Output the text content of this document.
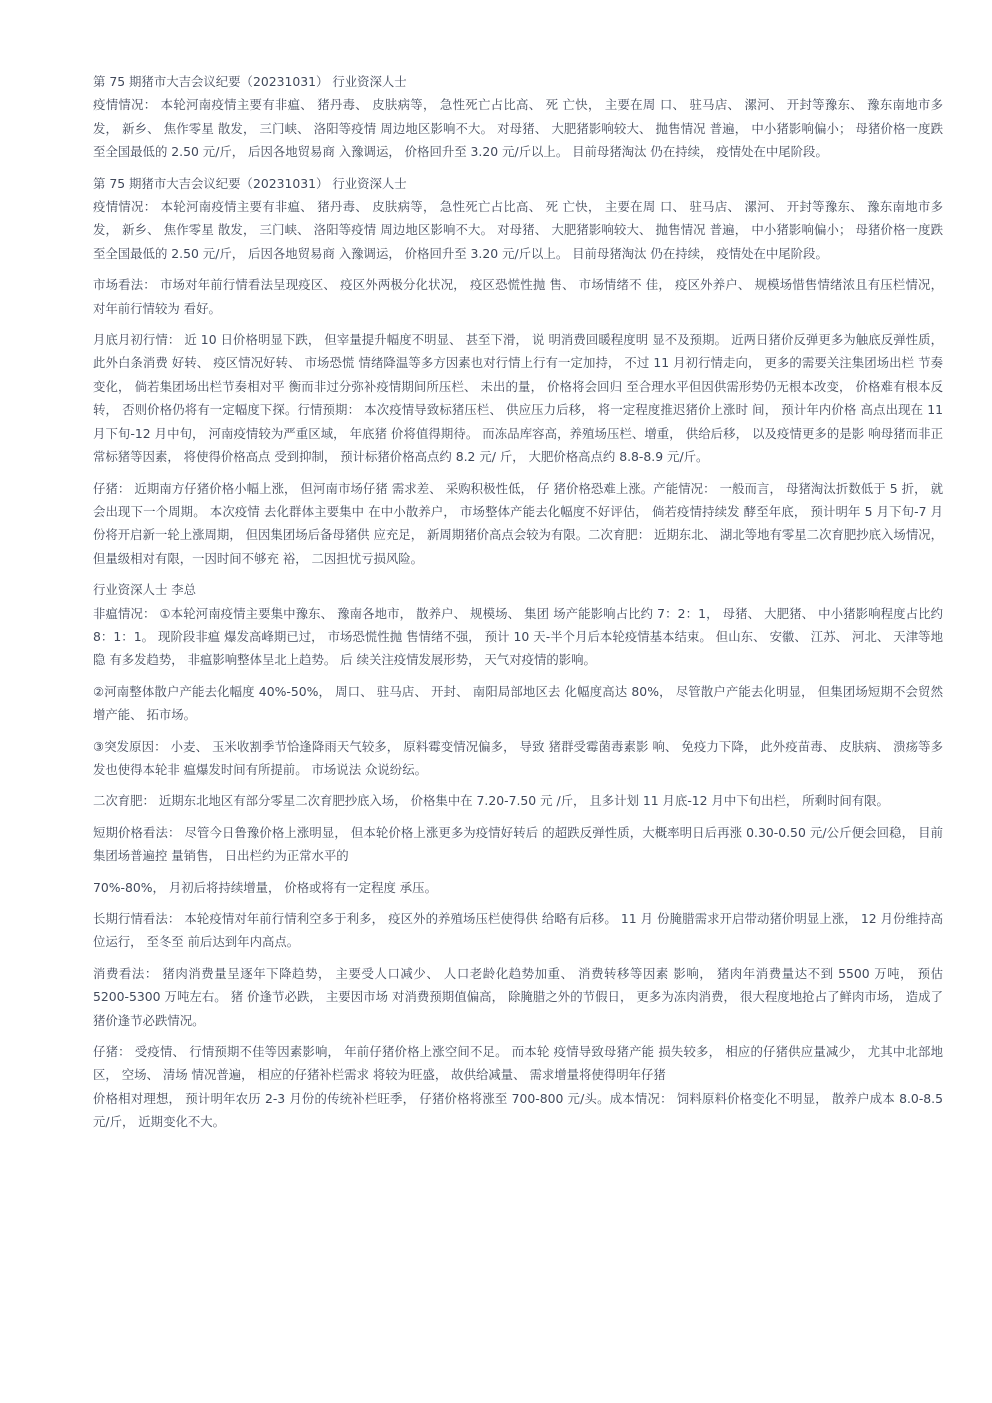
第 75 期猪市大吉会议纪要（20231031） 行业资深人士

疫情情况： 本轮河南疫情主要有非瘟、 猪丹毒、 皮肤病等， 急性死亡占比高、 死 亡快， 主要在周 口、 驻马店、 漯河、 开封等豫东、 豫东南地市多发， 新乡、 焦作零星 散发， 三门峡、 洛阳等疫情 周边地区影响不大。 对母猪、 大肥猪影响较大、 抛售情况 普遍， 中小猪影响偏小； 母猪价格一度跌 至全国最低的 2.50 元/斤， 后因各地贸易商 入豫调运， 价格回升至 3.20 元/斤以上。 目前母猪淘汰 仍在持续， 疫情处在中尾阶段。

第 75 期猪市大吉会议纪要（20231031） 行业资深人士

疫情情况： 本轮河南疫情主要有非瘟、 猪丹毒、 皮肤病等， 急性死亡占比高、 死 亡快， 主要在周 口、 驻马店、 漯河、 开封等豫东、 豫东南地市多发， 新乡、 焦作零星 散发， 三门峡、 洛阳等疫情 周边地区影响不大。 对母猪、 大肥猪影响较大、 抛售情况 普遍， 中小猪影响偏小； 母猪价格一度跌 至全国最低的 2.50 元/斤， 后因各地贸易商 入豫调运， 价格回升至 3.20 元/斤以上。 目前母猪淘汰 仍在持续， 疫情处在中尾阶段。

市场看法： 市场对年前行情看法呈现疫区、 疫区外两极分化状况， 疫区恐慌性抛 售、 市场情绪不 佳， 疫区外养户、 规模场惜售情绪浓且有压栏情况， 对年前行情较为 看好。

月底月初行情： 近 10 日价格明显下跌， 但宰量提升幅度不明显、 甚至下滑， 说 明消费回暖程度明 显不及预期。 近两日猪价反弹更多为触底反弹性质， 此外白条消费 好转、 疫区情况好转、 市场恐慌 情绪降温等多方因素也对行情上行有一定加持， 不过 11 月初行情走向， 更多的需要关注集团场出栏 节奏变化， 倘若集团场出栏节奏相对平 衡而非过分弥补疫情期间所压栏、 未出的量， 价格将会回归 至合理水平但因供需形势仍无根本改变， 价格难有根本反转， 否则价格仍将有一定幅度下探。行情预期： 本次疫情导致标猪压栏、 供应压力后移， 将一定程度推迟猪价上涨时 间， 预计年内价格 高点出现在 11 月下旬-12 月中旬， 河南疫情较为严重区域， 年底猪 价将值得期待。 而冻品库容高，养殖场压栏、增重， 供给后移， 以及疫情更多的是影 响母猪而非正常标猪等因素， 将使得价格高点 受到抑制， 预计标猪价格高点约 8.2 元/ 斤， 大肥价格高点约 8.8-8.9 元/斤。

仔猪： 近期南方仔猪价格小幅上涨， 但河南市场仔猪 需求差、 采购积极性低， 仔 猪价格恐难上涨。产能情况： 一般而言， 母猪淘汰折数低于 5 折， 就会出现下一个周期。 本次疫情 去化群体主要集中 在中小散养户， 市场整体产能去化幅度不好评估， 倘若疫情持续发 酵至年底， 预计明年 5 月下旬-7 月份将开启新一轮上涨周期， 但因集团场后备母猪供 应充足， 新周期猪价高点会较为有限。二次育肥： 近期东北、 湖北等地有零星二次育肥抄底入场情况， 但量级相对有限，一因时间不够充 裕， 二因担忧亏损风险。

行业资深人士 李总

非瘟情况： ①本轮河南疫情主要集中豫东、 豫南各地市， 散养户、 规模场、 集团 场产能影响占比约 7：2：1， 母猪、 大肥猪、 中小猪影响程度占比约 8：1：1。 现阶段非瘟 爆发高峰期已过， 市场恐慌性抛 售情绪不强， 预计 10 天-半个月后本轮疫情基本结束。 但山东、 安徽、 江苏、 河北、 天津等地隐 有多发趋势， 非瘟影响整体呈北上趋势。 后 续关注疫情发展形势， 天气对疫情的影响。

②河南整体散户产能去化幅度 40%-50%， 周口、 驻马店、 开封、 南阳局部地区去 化幅度高达 80%， 尽管散户产能去化明显， 但集团场短期不会贸然增产能、 拓市场。

③突发原因： 小麦、 玉米收割季节恰逢降雨天气较多， 原料霉变情况偏多， 导致 猪群受霉菌毒素影 响、 免疫力下降， 此外疫苗毒、 皮肤病、 溃疡等多发也使得本轮非 瘟爆发时间有所提前。 市场说法 众说纷纭。

二次育肥： 近期东北地区有部分零星二次育肥抄底入场， 价格集中在 7.20-7.50 元 /斤， 且多计划 11 月底-12 月中下旬出栏， 所剩时间有限。

短期价格看法： 尽管今日鲁豫价格上涨明显， 但本轮价格上涨更多为疫情好转后 的超跌反弹性质，大概率明日后再涨 0.30-0.50 元/公斤便会回稳， 目前集团场普遍控 量销售， 日出栏约为正常水平的

70%-80%， 月初后将持续增量， 价格或将有一定程度 承压。

长期行情看法： 本轮疫情对年前行情利空多于利多， 疫区外的养殖场压栏使得供 给略有后移。 11 月 份腌腊需求开启带动猪价明显上涨， 12 月份维持高位运行， 至冬至 前后达到年内高点。

消费看法： 猪肉消费量呈逐年下降趋势， 主要受人口减少、 人口老龄化趋势加重、 消费转移等因素 影响， 猪肉年消费量达不到 5500 万吨， 预估 5200-5300 万吨左右。 猪 价逢节必跌， 主要因市场 对消费预期值偏高， 除腌腊之外的节假日， 更多为冻肉消费， 很大程度地抢占了鲜肉市场， 造成了 猪价逢节必跌情况。

仔猪： 受疫情、 行情预期不佳等因素影响， 年前仔猪价格上涨空间不足。 而本轮 疫情导致母猪产能 损失较多， 相应的仔猪供应量减少， 尤其中北部地区， 空场、 清场 情况普遍， 相应的仔猪补栏需求 将较为旺盛， 故供给减量、 需求增量将使得明年仔猪

价格相对理想， 预计明年农历 2-3 月份的传统补栏旺季， 仔猪价格将涨至 700-800 元/头。成本情况： 饲料原料价格变化不明显， 散养户成本 8.0-8.5 元/斤， 近期变化不大。
